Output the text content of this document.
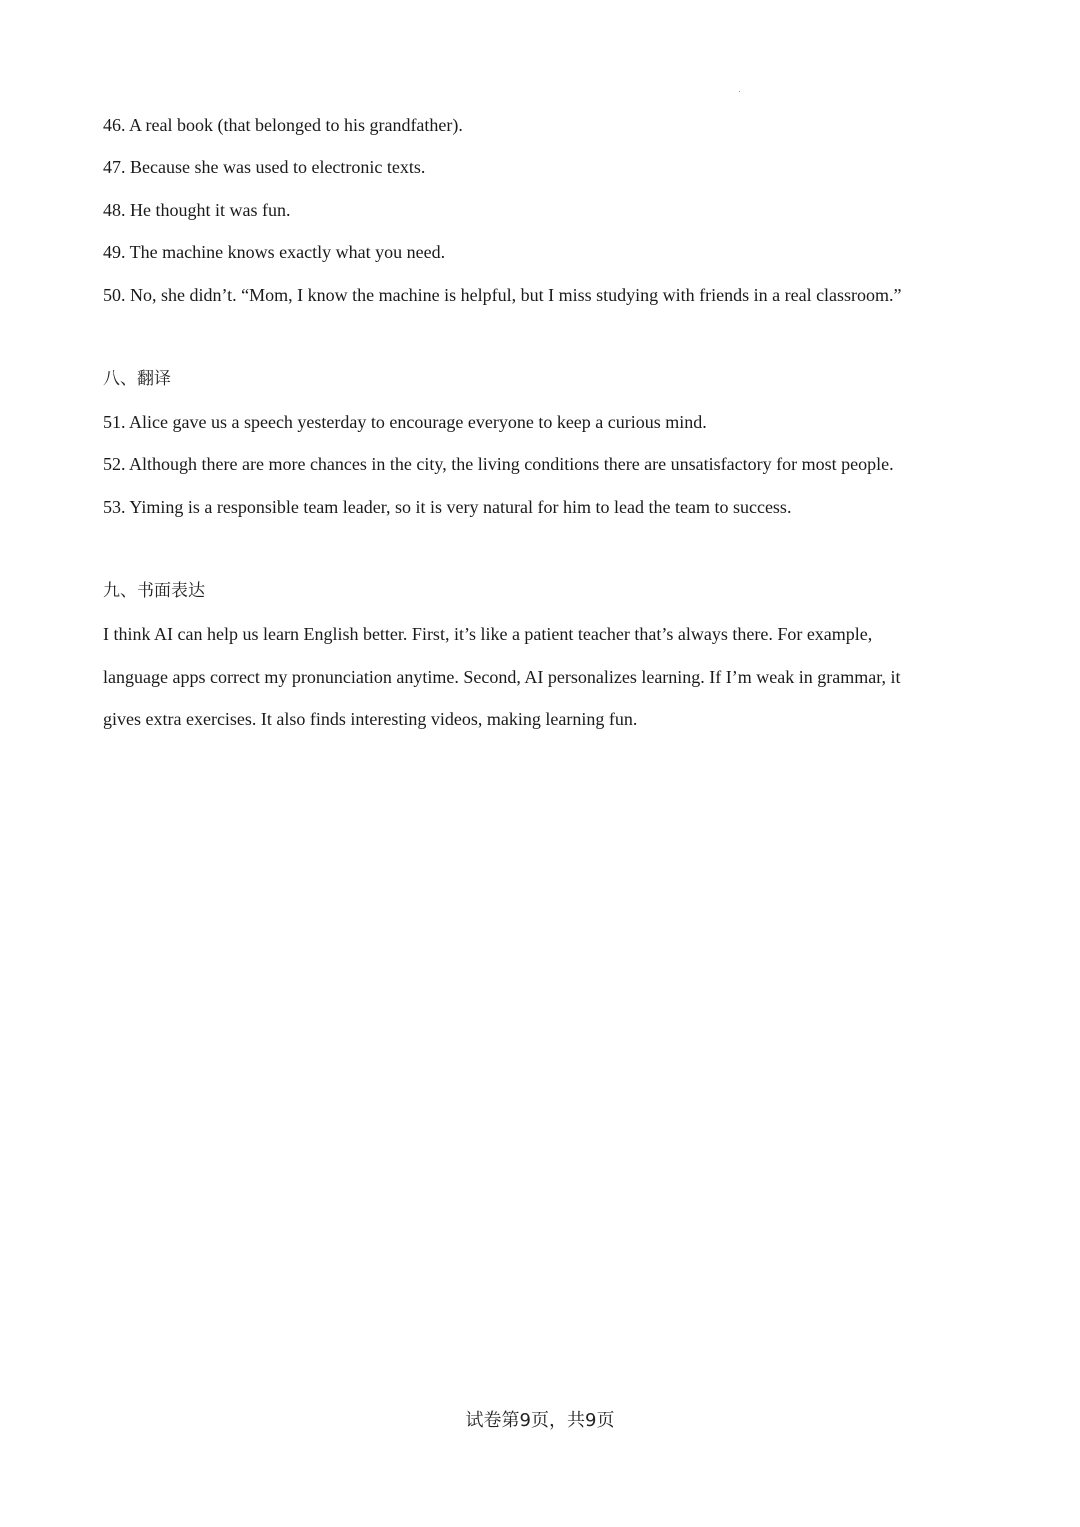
46. A real book (that belonged to his grandfather).
47. Because she was used to electronic texts.
48. He thought it was fun.
49. The machine knows exactly what you need.
50. No, she didn’t. “Mom, I know the machine is helpful, but I miss studying with friends in a real classroom.”
八、翻译
51. Alice gave us a speech yesterday to encourage everyone to keep a curious mind.
52. Although there are more chances in the city, the living conditions there are unsatisfactory for most people.
53. Yiming is a responsible team leader, so it is very natural for him to lead the team to success.
九、书面表达
I think AI can help us learn English better. First, it’s like a patient teacher that’s always there. For example,
language apps correct my pronunciation anytime. Second, AI personalizes learning. If I’m weak in grammar, it
gives extra exercises. It also finds interesting videos, making learning fun.
试卷第9页，共9页
